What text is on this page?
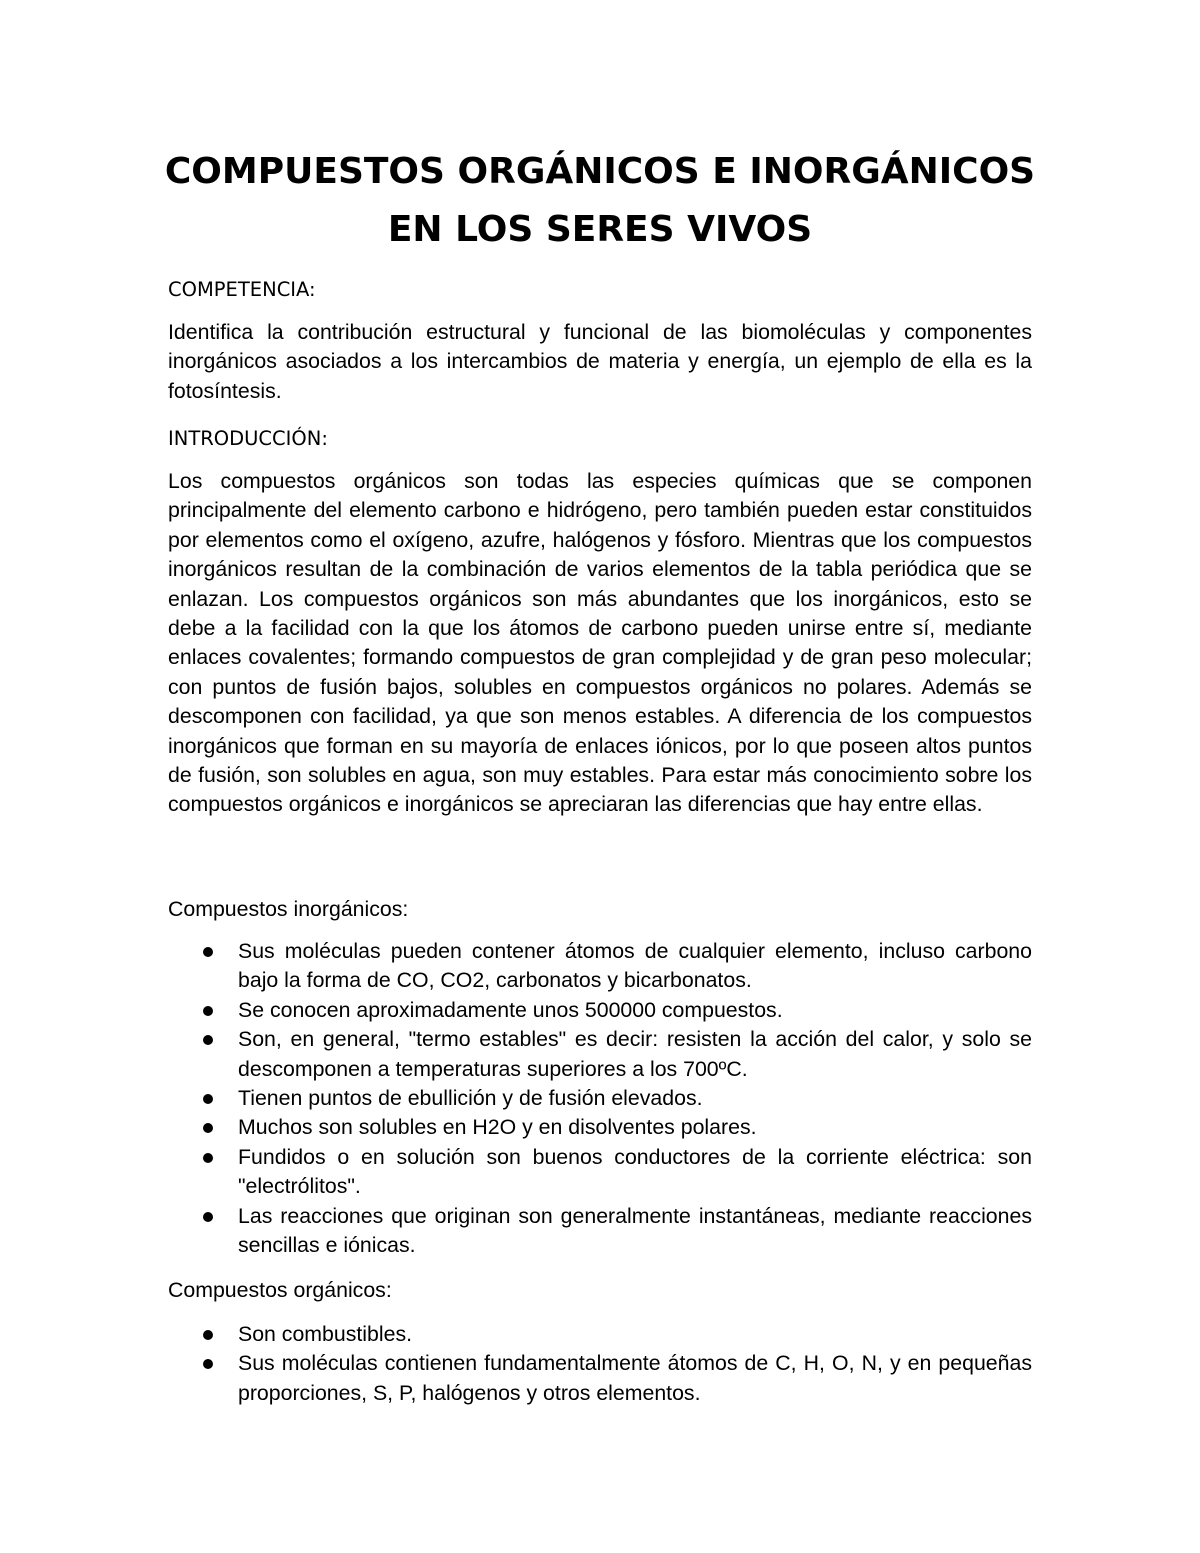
COMPUESTOS ORGÁNICOS E INORGÁNICOS EN LOS SERES VIVOS

COMPETENCIA:

Identifica la contribución estructural y funcional de las biomoléculas y componentes inorgánicos asociados a los intercambios de materia y energía, un ejemplo de ella es la fotosíntesis.

INTRODUCCIÓN:

Los compuestos orgánicos son todas las especies químicas que se componen principalmente del elemento carbono e hidrógeno, pero también pueden estar constituidos por elementos como el oxígeno, azufre, halógenos y fósforo. Mientras que los compuestos inorgánicos resultan de la combinación de varios elementos de la tabla periódica que se enlazan. Los compuestos orgánicos son más abundantes que los inorgánicos, esto se debe a la facilidad con la que los átomos de carbono pueden unirse entre sí, mediante enlaces covalentes; formando compuestos de gran complejidad y de gran peso molecular; con puntos de fusión bajos, solubles en compuestos orgánicos no polares. Además se descomponen con facilidad, ya que son menos estables. A diferencia de los compuestos inorgánicos que forman en su mayoría de enlaces iónicos, por lo que poseen altos puntos de fusión, son solubles en agua, son muy estables. Para estar más conocimiento sobre los compuestos orgánicos e inorgánicos se apreciaran las diferencias que hay entre ellas.

Compuestos inorgánicos:

Sus moléculas pueden contener átomos de cualquier elemento, incluso carbono bajo la forma de CO, CO2, carbonatos y bicarbonatos.
Se conocen aproximadamente unos 500000 compuestos.
Son, en general, "termo estables" es decir: resisten la acción del calor, y solo se descomponen a temperaturas superiores a los 700ºC.
Tienen puntos de ebullición y de fusión elevados.
Muchos son solubles en H2O y en disolventes polares.
Fundidos o en solución son buenos conductores de la corriente eléctrica: son "electrólitos".
Las reacciones que originan son generalmente instantáneas, mediante reacciones sencillas e iónicas.

Compuestos orgánicos:

Son combustibles.
Sus moléculas contienen fundamentalmente átomos de C, H, O, N, y en pequeñas proporciones, S, P, halógenos y otros elementos.
